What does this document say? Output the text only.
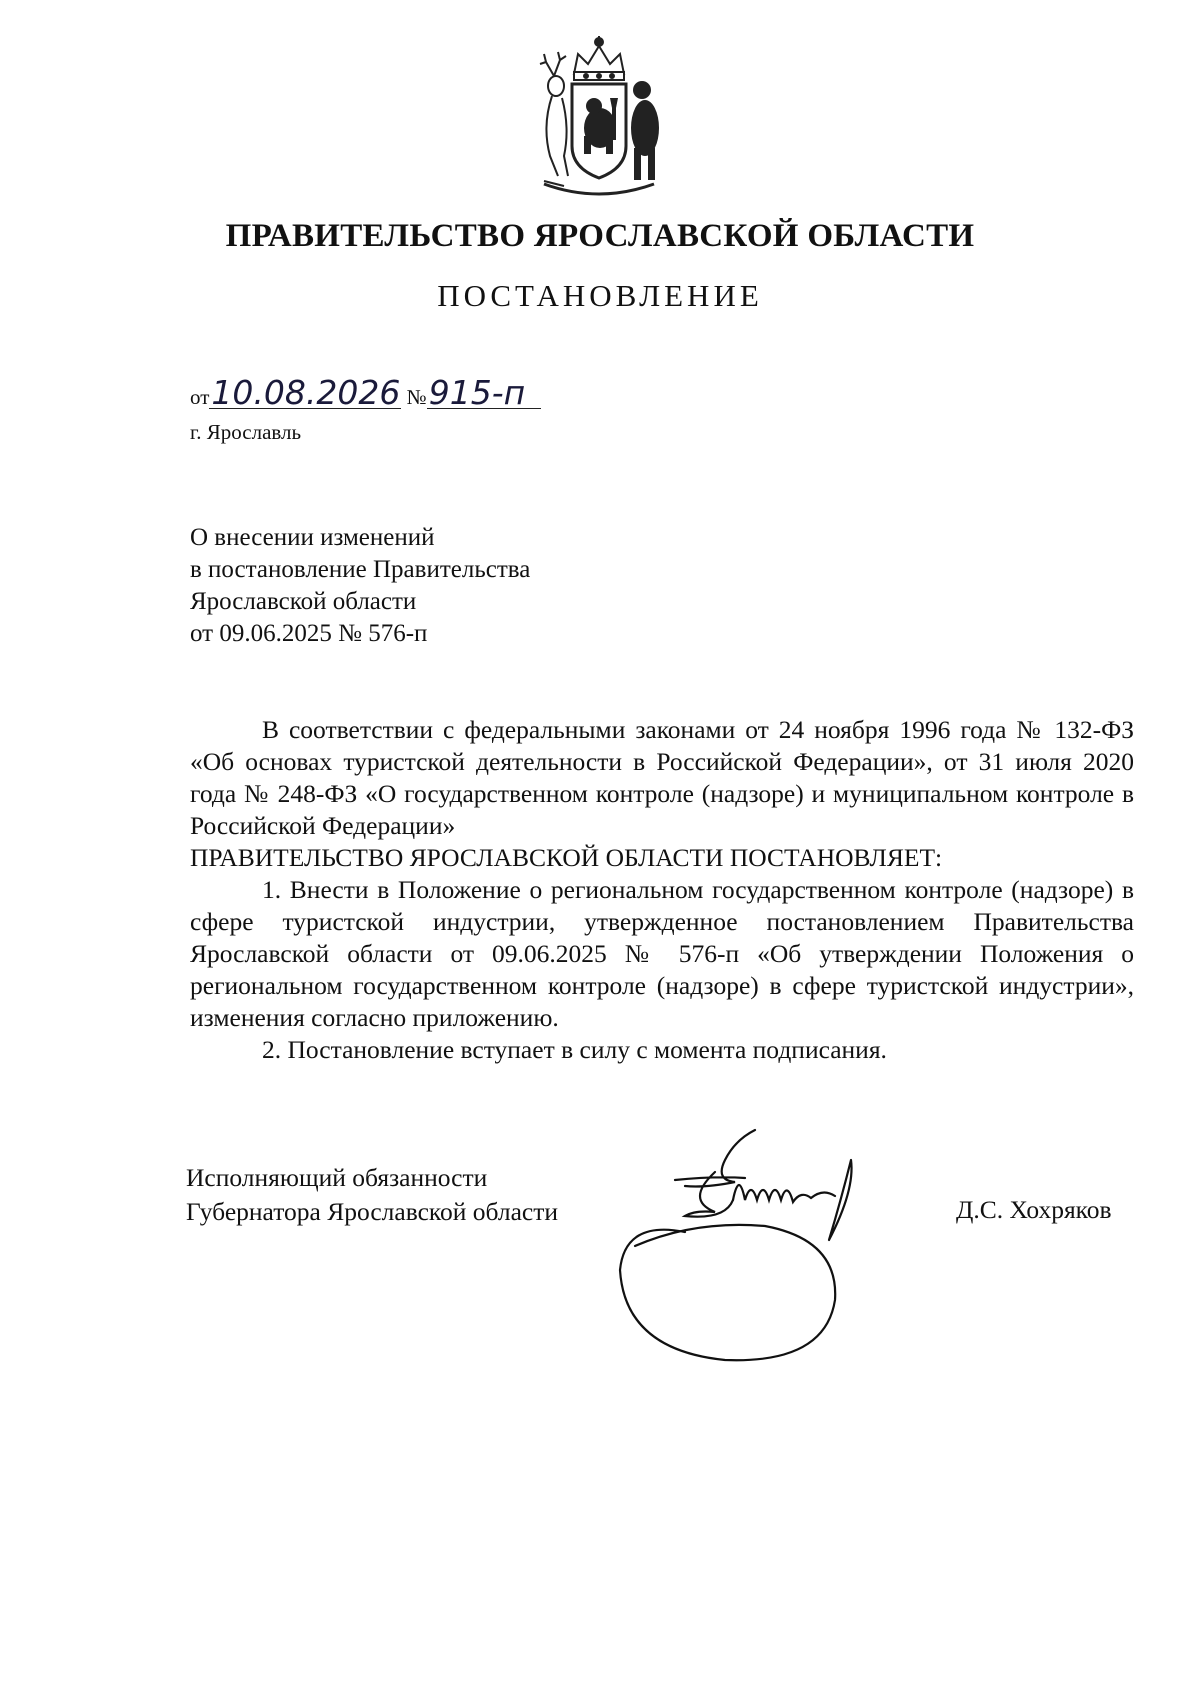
ПРАВИТЕЛЬСТВО ЯРОСЛАВСКОЙ ОБЛАСТИ
ПОСТАНОВЛЕНИЕ
от10.08.2026 №915-п
г. Ярославль
О внесении изменений
в постановление Правительства
Ярославской области
от 09.06.2025 № 576-п

В соответствии с федеральными законами от 24 ноября 1996 года № 132-ФЗ «Об основах туристской деятельности в Российской Федерации», от 31 июля 2020 года № 248-ФЗ «О государственном контроле (надзоре) и муниципальном контроле в Российской Федерации»

ПРАВИТЕЛЬСТВО ЯРОСЛАВСКОЙ ОБЛАСТИ ПОСТАНОВЛЯЕТ:

1. Внести в Положение о региональном государственном контроле (надзоре) в сфере туристской индустрии, утвержденное постановлением Правительства Ярославской области от 09.06.2025 № 576-п «Об утверждении Положения о региональном государственном контроле (надзоре) в сфере туристской индустрии», изменения согласно приложению.

2. Постановление вступает в силу с момента подписания.

Исполняющий обязанности
Губернатора Ярославской области	Д.С. Хохряков
